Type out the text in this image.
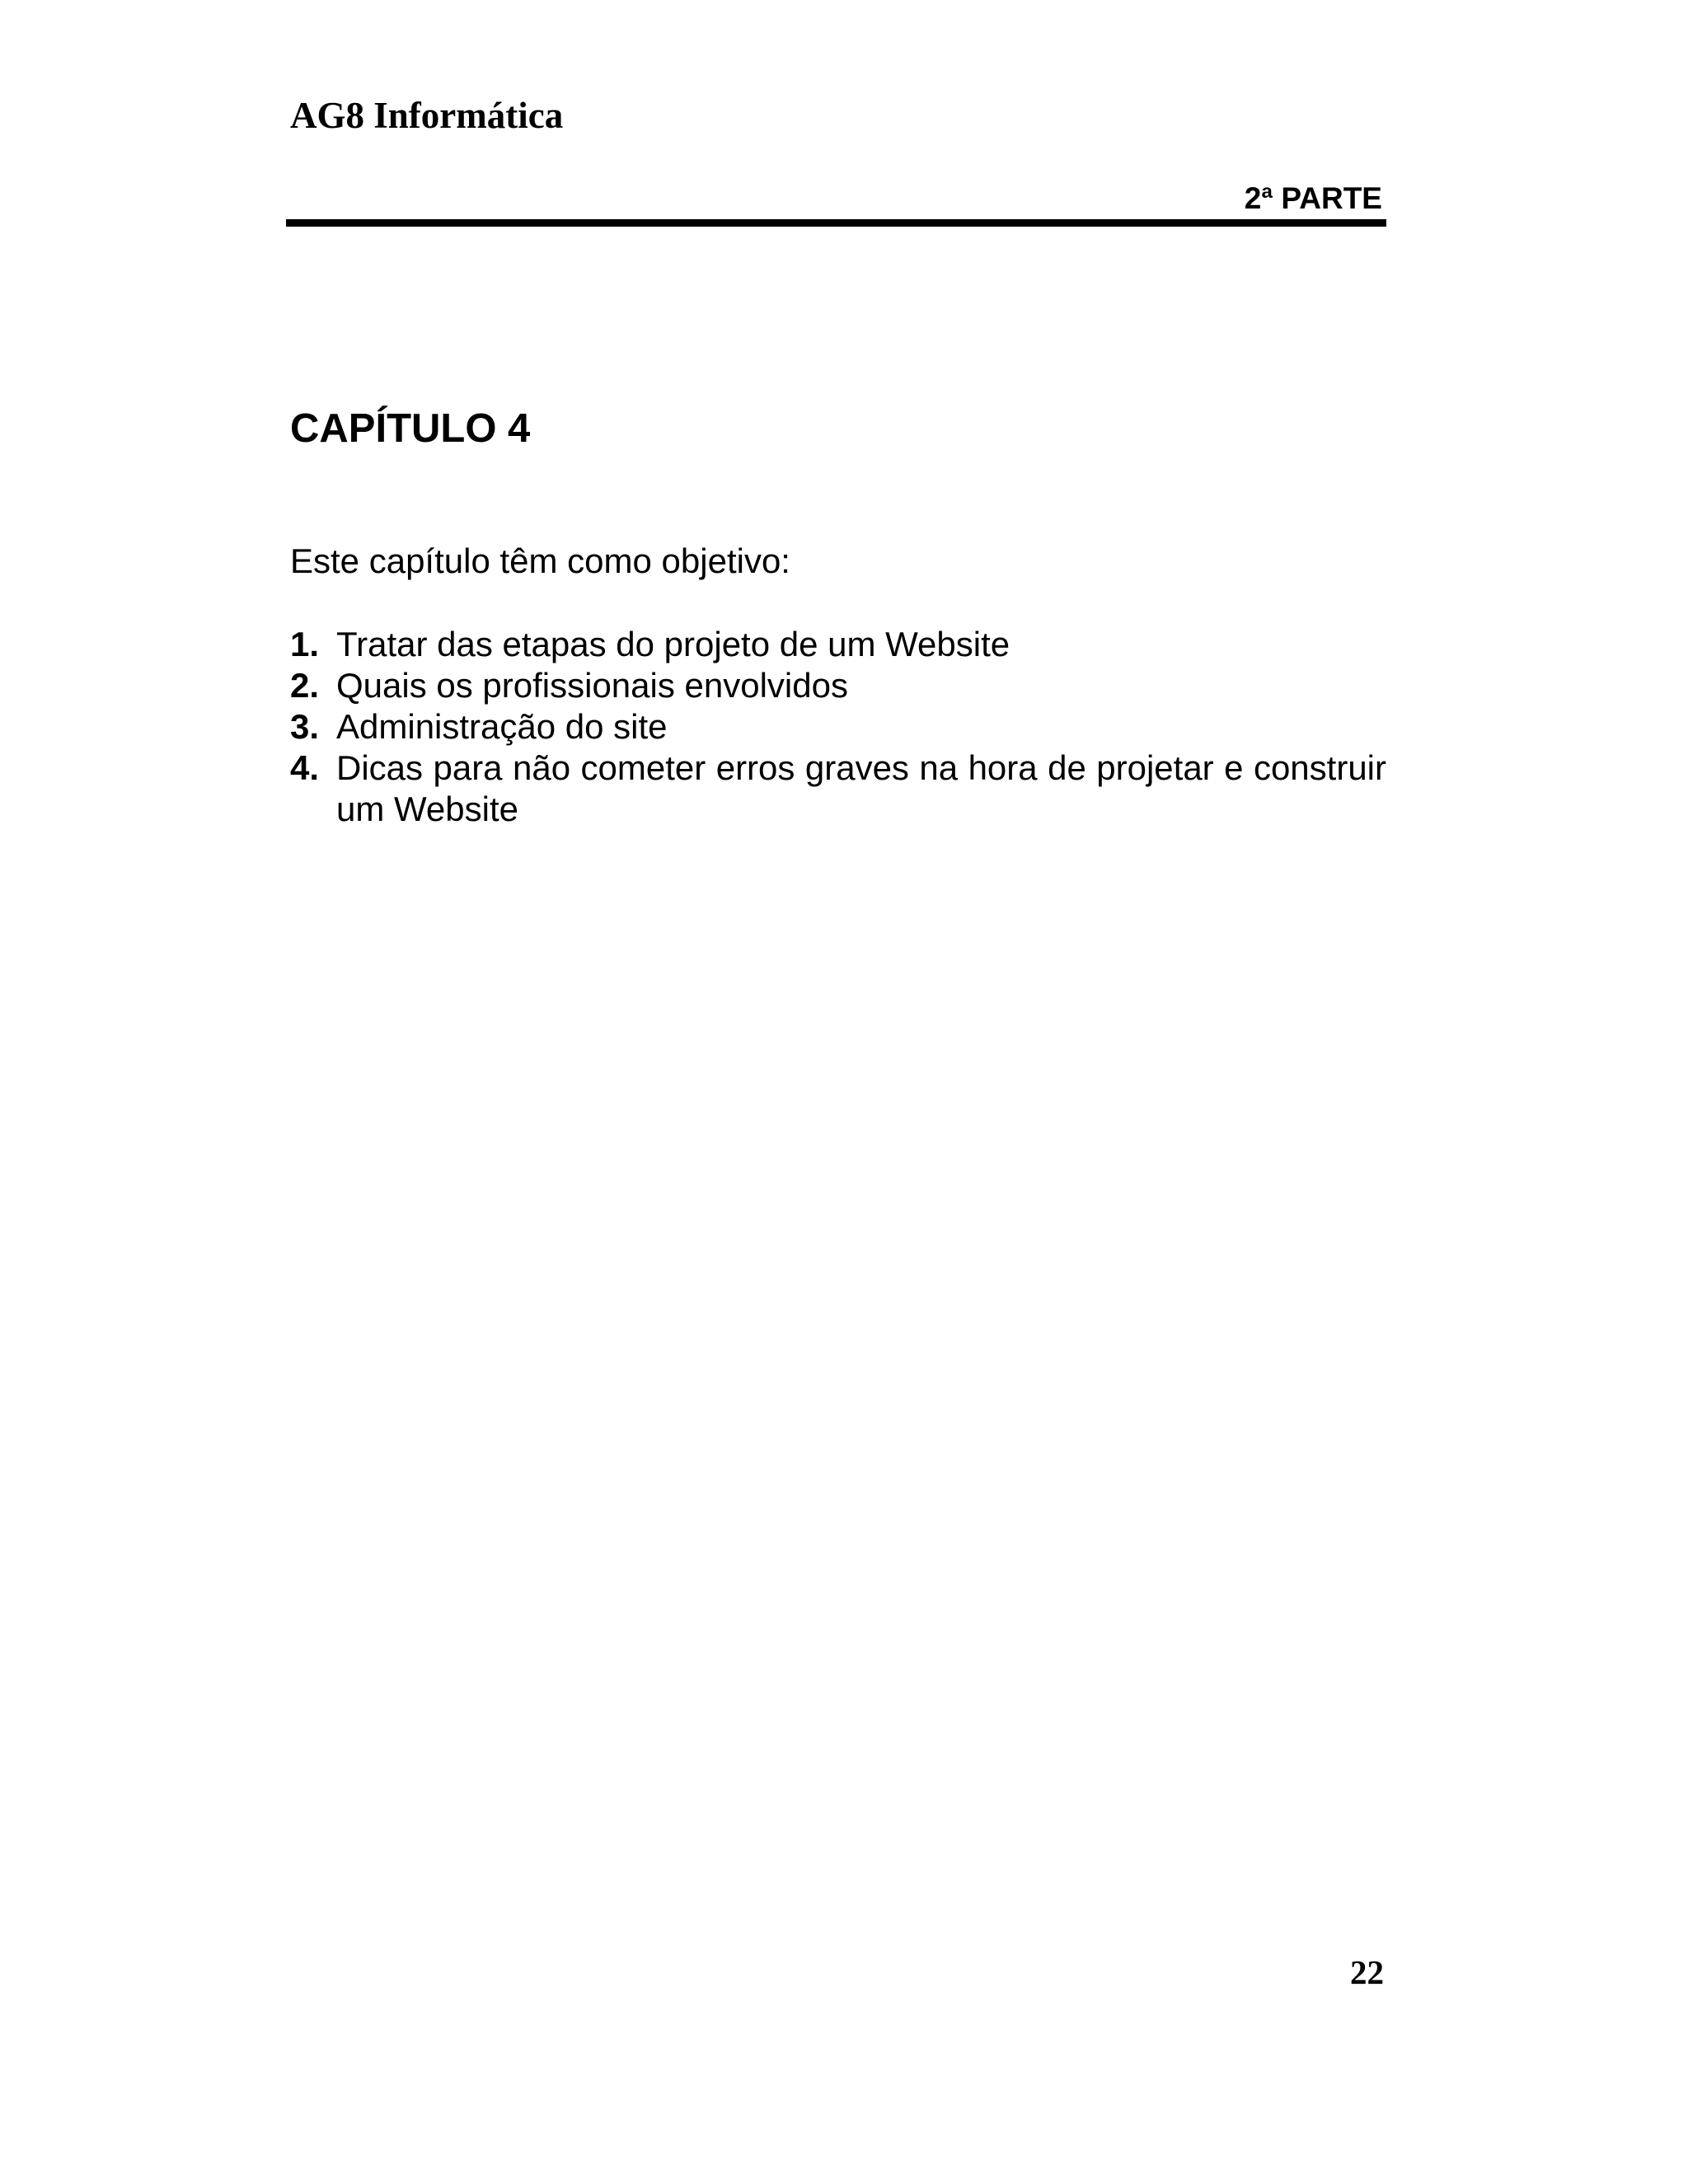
AG8 Informática
2ª PARTE
CAPÍTULO 4
Este capítulo têm como objetivo:
1. Tratar das etapas do projeto de um Website
2. Quais os profissionais envolvidos
3. Administração do site
4. Dicas para não cometer erros graves na hora de projetar e construir um Website
22
